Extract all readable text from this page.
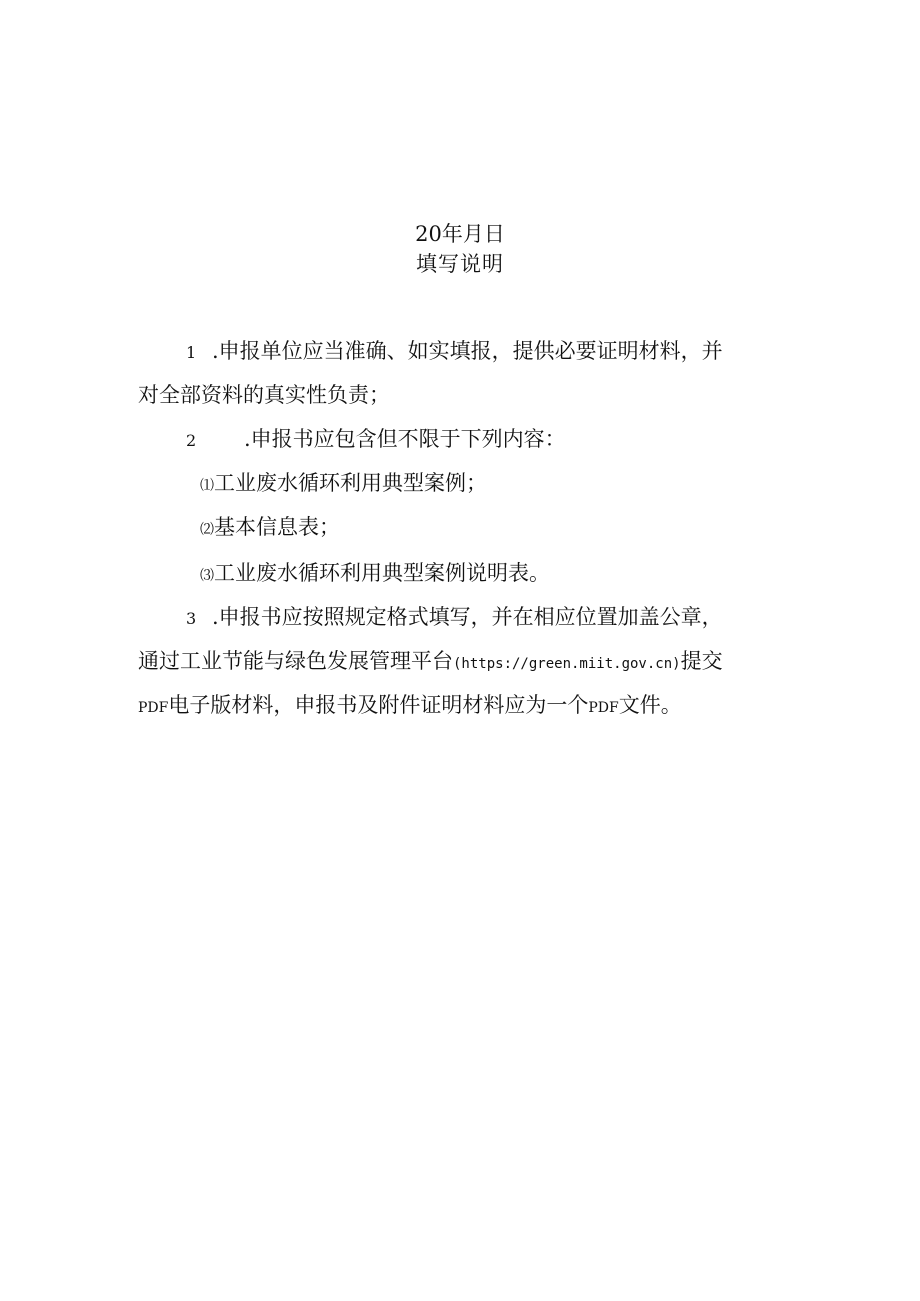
20年月日
填写说明
1 .申报单位应当准确、如实填报，提供必要证明材料，并
对全部资料的真实性负责；
2 .申报书应包含但不限于下列内容：
⑴工业废水循环利用典型案例；
⑵基本信息表；
⑶工业废水循环利用典型案例说明表。
3 .申报书应按照规定格式填写，并在相应位置加盖公章，
通过工业节能与绿色发展管理平台(https://green.miit.gov.cn)提交
PDF电子版材料，申报书及附件证明材料应为一个PDF文件。
